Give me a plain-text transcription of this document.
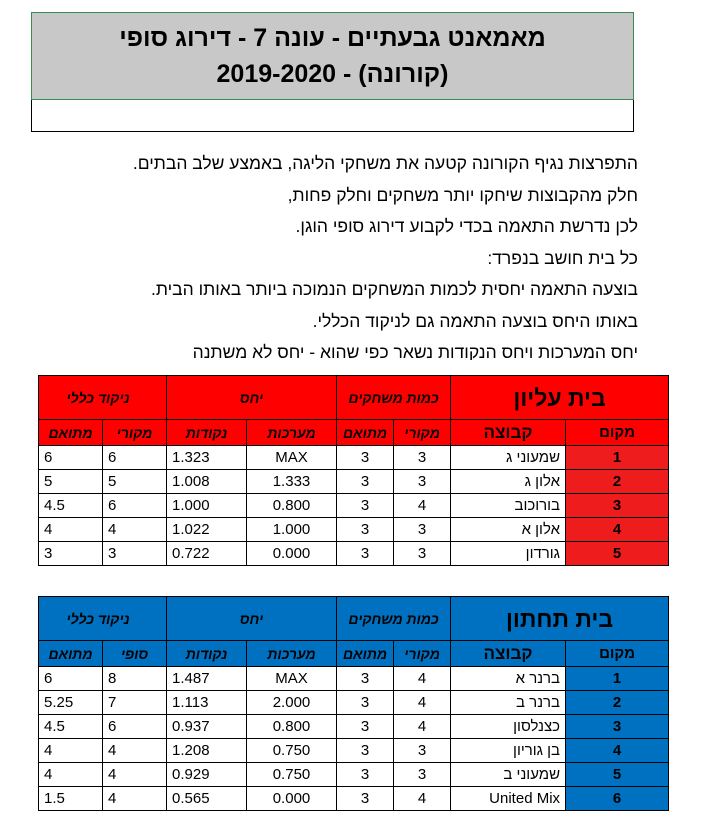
מאמאנט גבעתיים - עונה 7 - דירוג סופי
(קורונה) - 2019-2020
התפרצות נגיף הקורונה קטעה את משחקי הליגה, באמצע שלב הבתים.
חלק מהקבוצות שיחקו יותר משחקים וחלק פחות,
לכן נדרשת התאמה בכדי לקבוע דירוג סופי הוגן.
כל בית חושב בנפרד:
בוצעה התאמה יחסית לכמות המשחקים הנמוכה ביותר באותו הבית.
באותו היחס בוצעה התאמה גם לניקוד הכללי.
יחס המערכות ויחס הנקודות נשאר כפי שהוא - יחס לא משתנה
בית עליון		כמות משחקים		יחס		ניקוד כללי	
מקום	קבוצה	מקורי	מתואם	מערכות	נקודות	מקורי	מתואם
1	שמעוני ג	3	3	MAX	1.323	6	6
2	אלון ג	3	3	1.333	1.008	5	5
3	בורוכוב	4	3	0.800	1.000	6	4.5
4	אלון א	3	3	1.000	1.022	4	4
5	גורדון	3	3	0.000	0.722	3	3
בית תחתון		כמות משחקים		יחס		ניקוד כללי	
מקום	קבוצה	מקורי	מתואם	מערכות	נקודות	סופי	מתואם
1	ברנר א	4	3	MAX	1.487	8	6
2	ברנר ב	4	3	2.000	1.113	7	5.25
3	כצנלסון	4	3	0.800	0.937	6	4.5
4	בן גוריון	3	3	0.750	1.208	4	4
5	שמעוני ב	3	3	0.750	0.929	4	4
6	United Mix	4	3	0.000	0.565	4	1.5
